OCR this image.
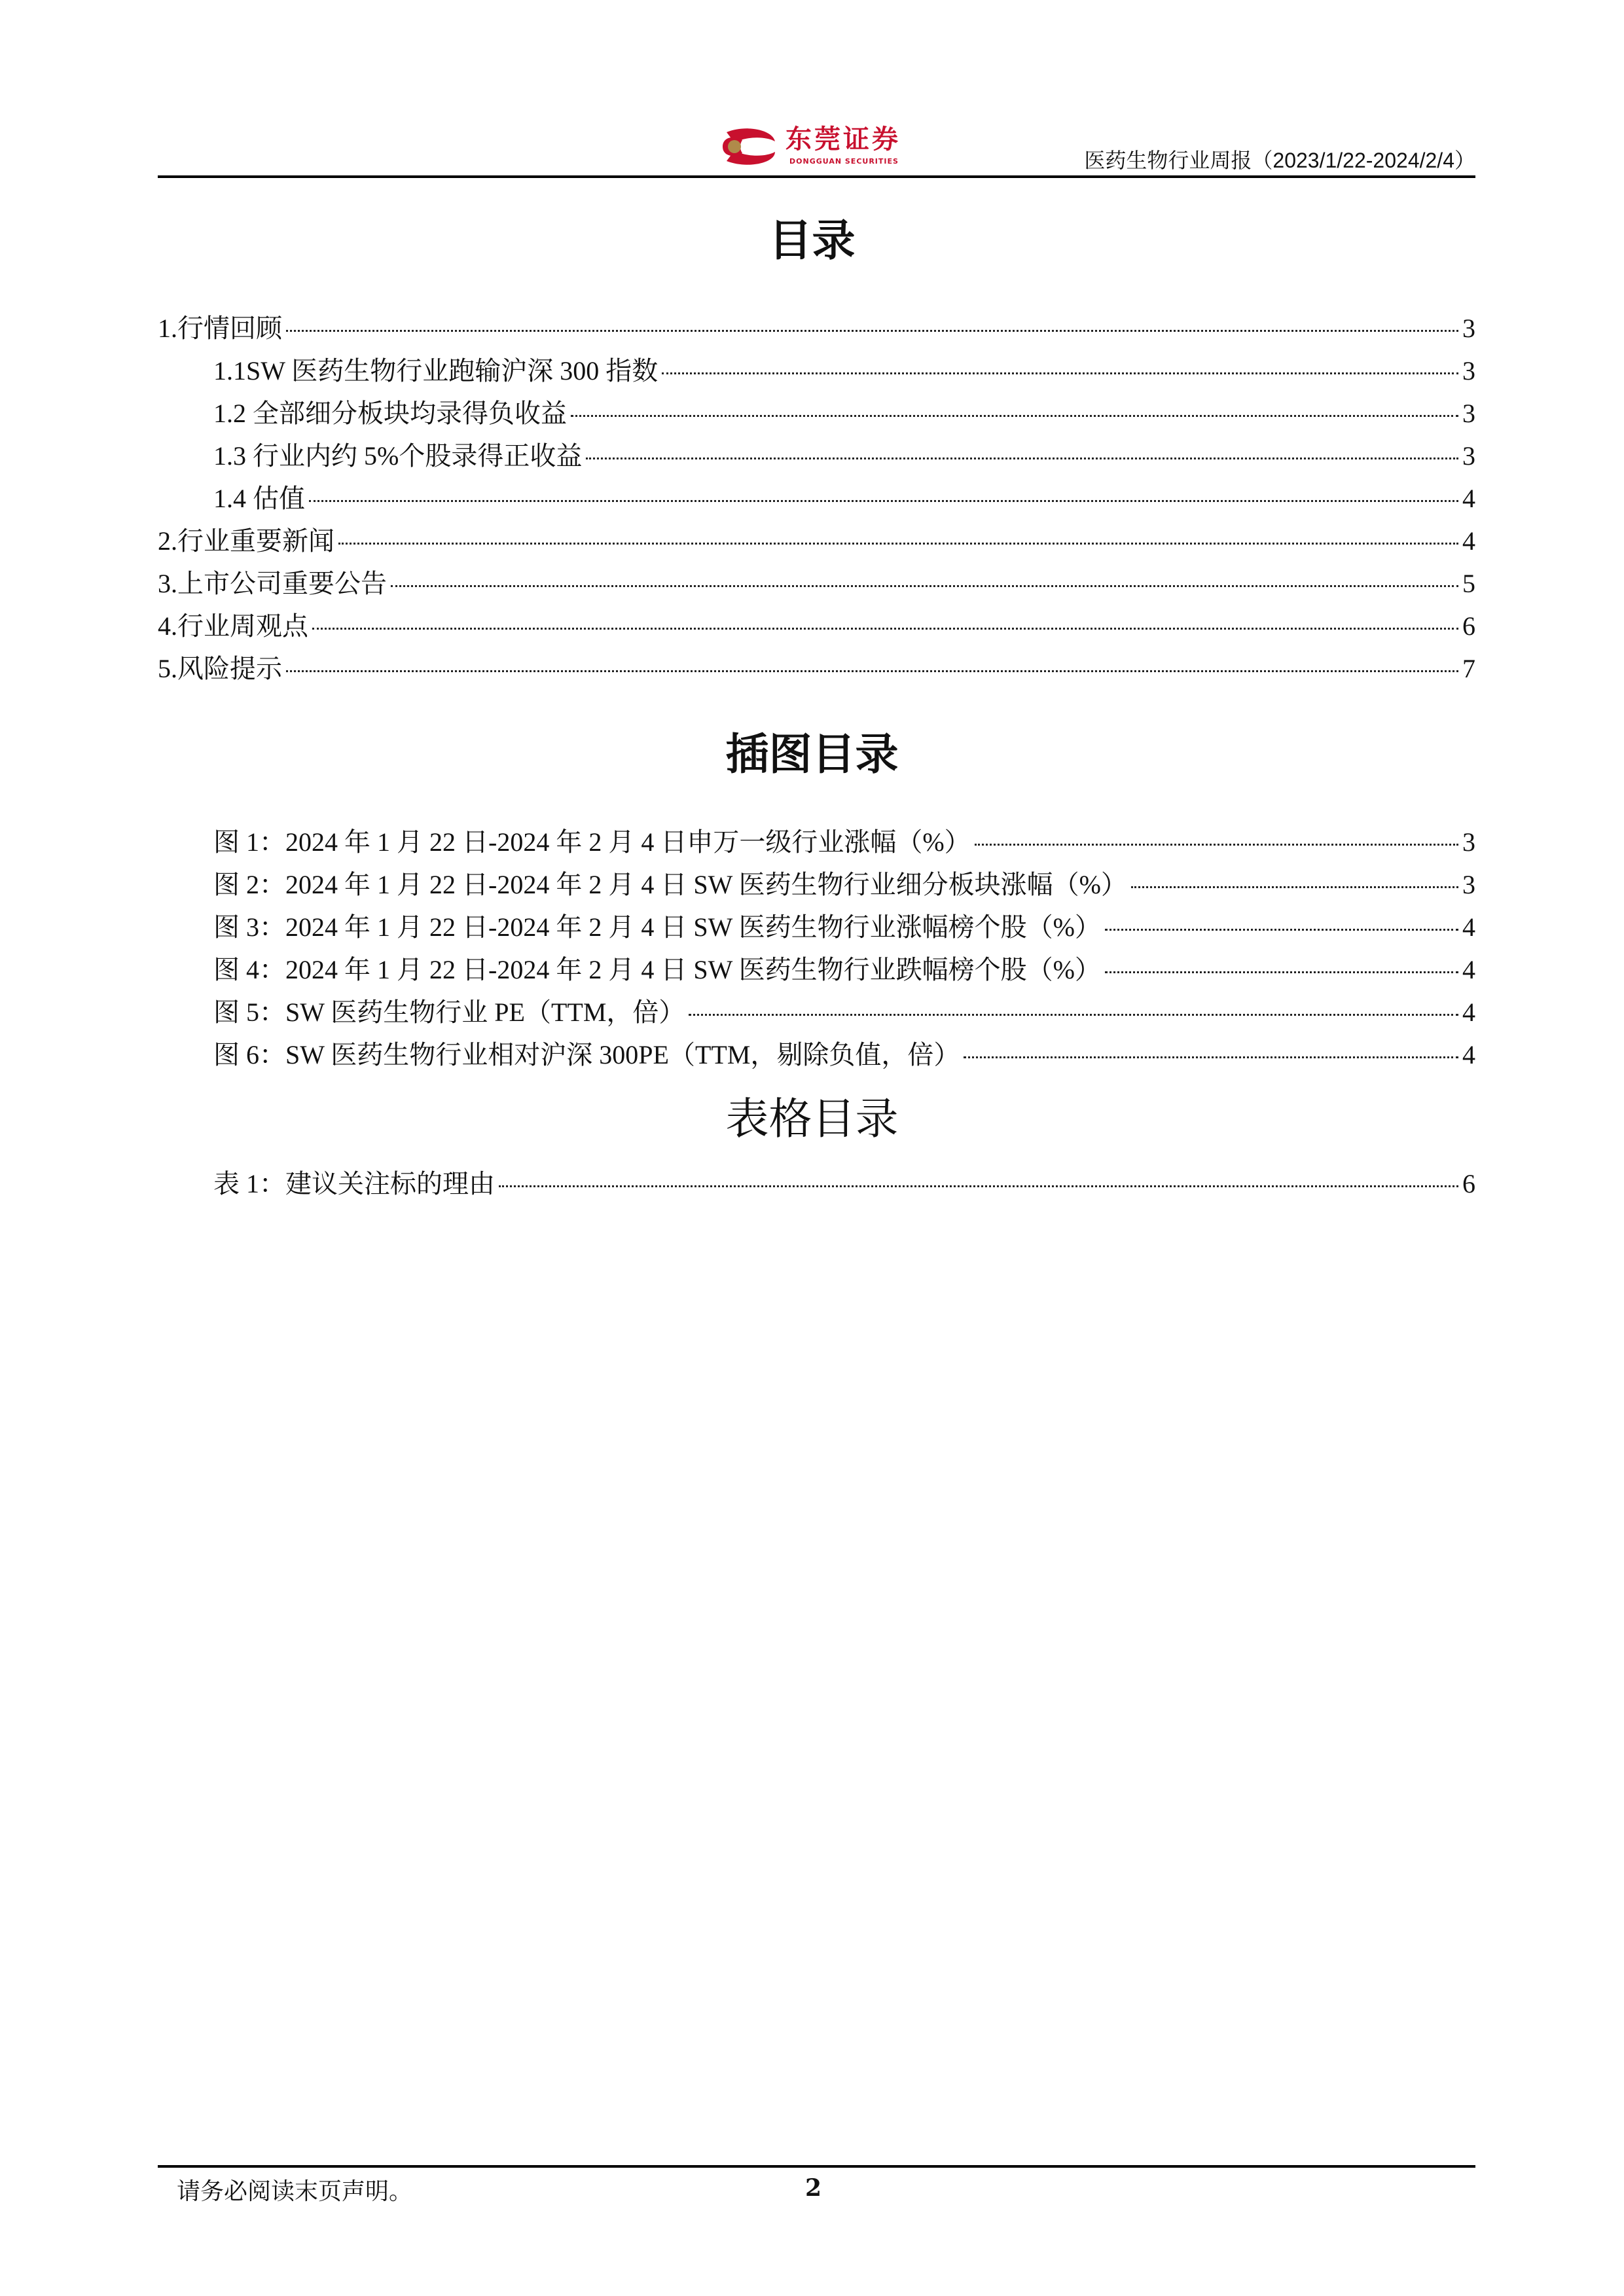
东莞证券
DONGGUAN SECURITIES	医药生物行业周报（2023/1/22-2024/2/4）
目录
1.行情回顾	3
1.1SW 医药生物行业跑输沪深 300 指数	3
1.2 全部细分板块均录得负收益	3
1.3 行业内约 5%个股录得正收益	3
1.4 估值	4
2.行业重要新闻	4
3.上市公司重要公告	5
4.行业周观点	6
5.风险提示	7
插图目录
图 1：2024 年 1 月 22 日-2024 年 2 月 4 日申万一级行业涨幅（%）	3
图 2：2024 年 1 月 22 日-2024 年 2 月 4 日 SW 医药生物行业细分板块涨幅（%）	3
图 3：2024 年 1 月 22 日-2024 年 2 月 4 日 SW 医药生物行业涨幅榜个股（%）	4
图 4：2024 年 1 月 22 日-2024 年 2 月 4 日 SW 医药生物行业跌幅榜个股（%）	4
图 5：SW 医药生物行业 PE（TTM，倍）	4
图 6：SW 医药生物行业相对沪深 300PE（TTM，剔除负值，倍）	4
表格目录
表 1：建议关注标的理由	6
请务必阅读末页声明。	2
